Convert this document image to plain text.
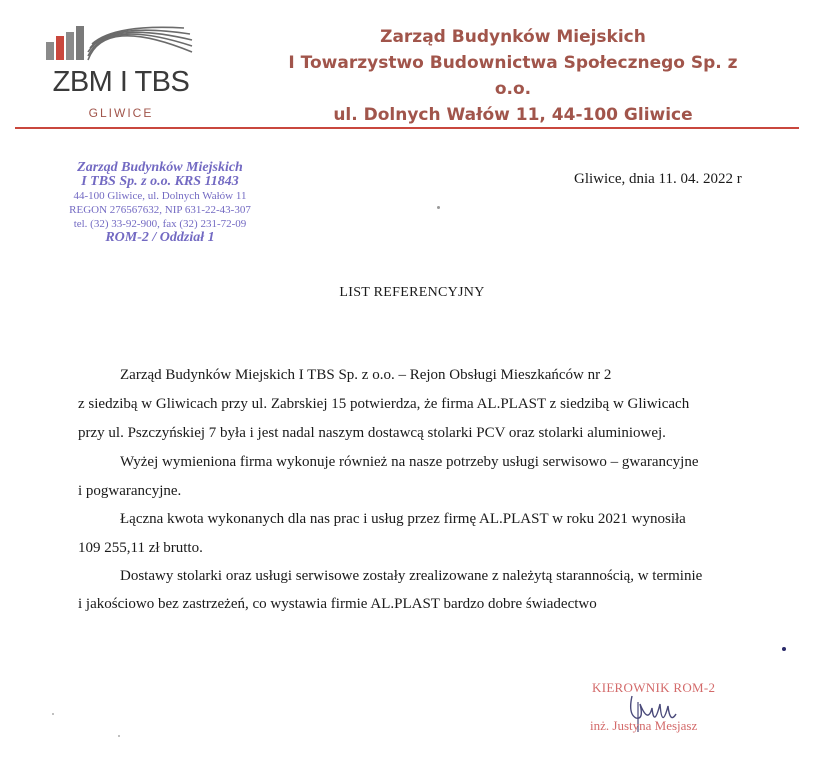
ZBM I TBS
GLIWICE
Zarząd Budynków Miejskich
I Towarzystwo Budownictwa Społecznego Sp. z o.o.
ul. Dolnych Wałów 11, 44-100 Gliwice
Zarząd Budynków Miejskich
I TBS Sp. z o.o. KRS 11843
44-100 Gliwice, ul. Dolnych Wałów 11
REGON 276567632, NIP 631-22-43-307
tel. (32) 33-92-900, fax (32) 231-72-09
ROM-2 / Oddział 1
Gliwice, dnia 11. 04. 2022 r
LIST REFERENCYJNY
Zarząd Budynków Miejskich I TBS Sp. z o.o. – Rejon Obsługi Mieszkańców nr 2
z siedzibą w Gliwicach przy ul. Zabrskiej 15 potwierdza, że firma AL.PLAST z siedzibą w Gliwicach
przy ul. Pszczyńskiej 7 była i jest nadal naszym dostawcą stolarki PCV oraz stolarki aluminiowej.
Wyżej wymieniona firma wykonuje również na nasze potrzeby usługi serwisowo – gwarancyjne
i pogwarancyjne.
Łączna kwota wykonanych dla nas prac i usług przez firmę AL.PLAST w roku 2021 wynosiła
109 255,11 zł brutto.
Dostawy stolarki oraz usługi serwisowe zostały zrealizowane z należytą starannością, w terminie
i jakościowo bez zastrzeżeń, co wystawia firmie AL.PLAST bardzo dobre świadectwo
KIEROWNIK ROM-2
inż. Justyna Mesjasz
